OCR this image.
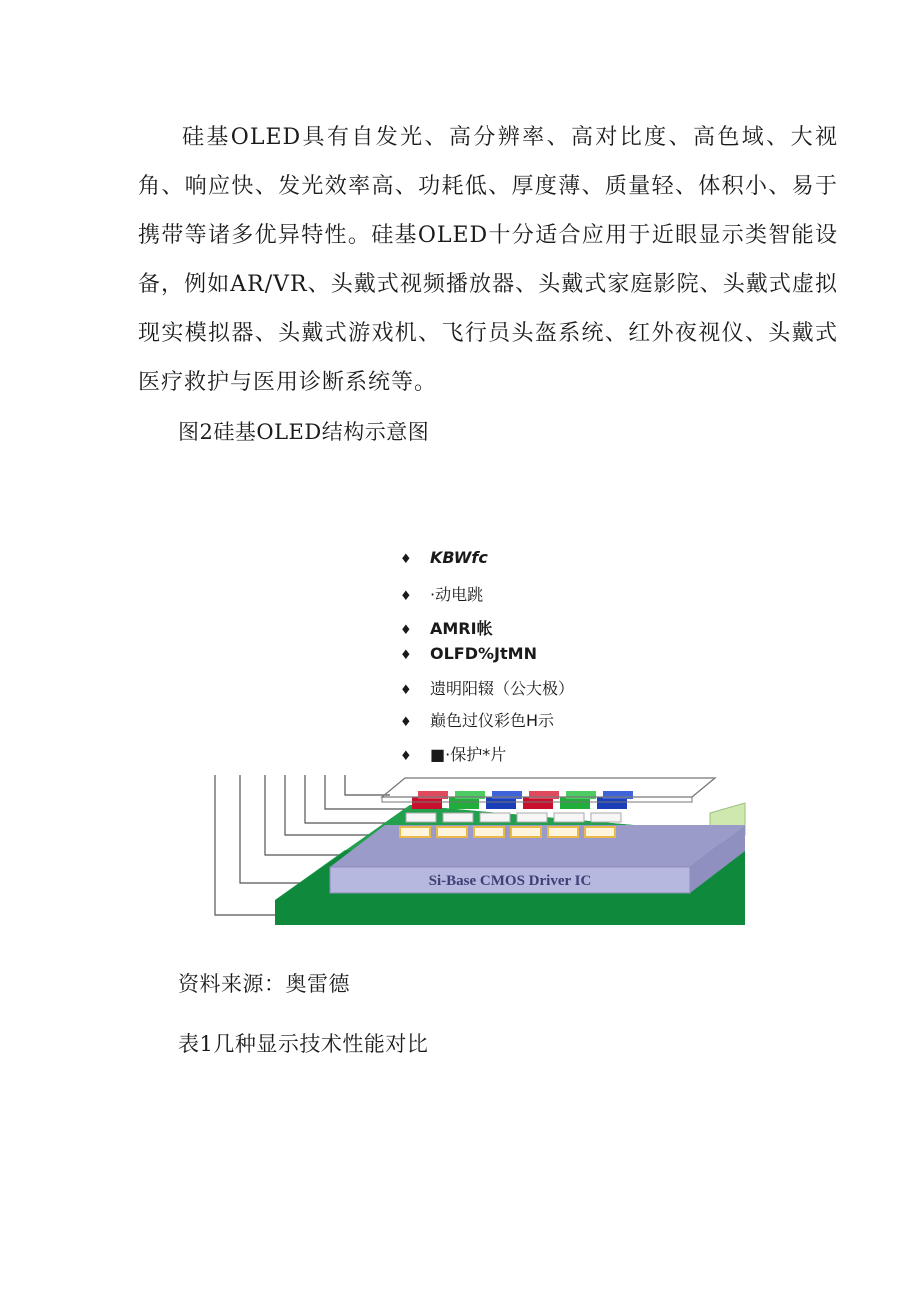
硅基OLED具有自发光、高分辨率、高对比度、高色域、大视角、响应快、发光效率高、功耗低、厚度薄、质量轻、体积小、易于携带等诸多优异特性。硅基OLED十分适合应用于近眼显示类智能设备，例如AR/VR、头戴式视频播放器、头戴式家庭影院、头戴式虚拟现实模拟器、头戴式游戏机、飞行员头盔系统、红外夜视仪、头戴式医疗救护与医用诊断系统等。

图2硅基OLED结构示意图

♦ KBWfc
♦ ·动电跳
♦ AMRI帐
♦ OLFD%JtMN
♦ 遗明阳辍（公大极）
♦ 巅色过仪彩色H示
♦ ■·保护*片
Si-Base CMOS Driver IC

资料来源：奥雷德

表1几种显示技术性能对比
